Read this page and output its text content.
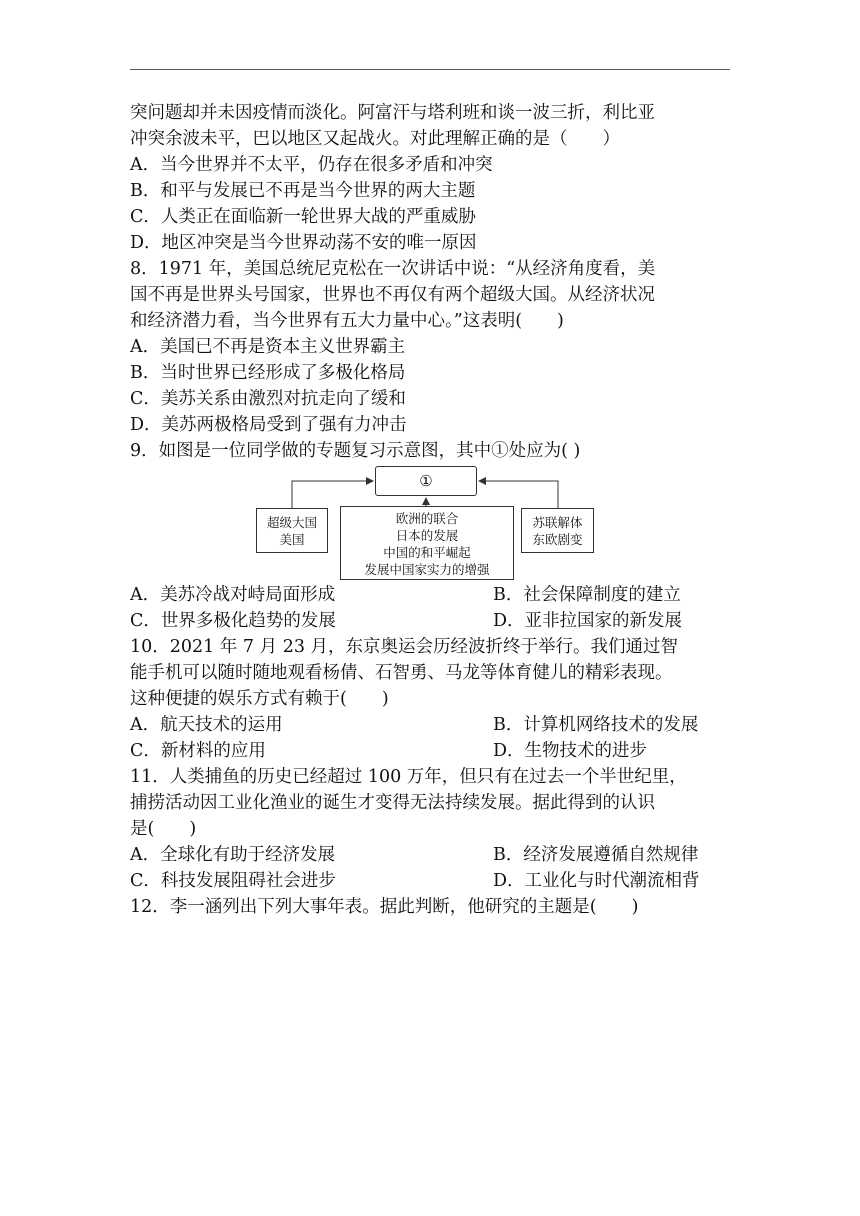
突问题却并未因疫情而淡化。阿富汗与塔利班和谈一波三折，利比亚
冲突余波未平，巴以地区又起战火。对此理解正确的是（　　）
A．当今世界并不太平，仍存在很多矛盾和冲突
B．和平与发展已不再是当今世界的两大主题
C．人类正在面临新一轮世界大战的严重威胁
D．地区冲突是当今世界动荡不安的唯一原因
8．1971 年，美国总统尼克松在一次讲话中说：“从经济角度看，美
国不再是世界头号国家，世界也不再仅有两个超级大国。从经济状况
和经济潜力看，当今世界有五大力量中心。”这表明(　　)
A．美国已不再是资本主义世界霸主
B．当时世界已经形成了多极化格局
C．美苏关系由激烈对抗走向了缓和
D．美苏两极格局受到了强有力冲击
9．如图是一位同学做的专题复习示意图，其中①处应为( )
①
超级大国
美国
欧洲的联合
日本的发展
中国的和平崛起
发展中国家实力的增强
苏联解体
东欧剧变
A．美苏冷战对峙局面形成	B．社会保障制度的建立
C．世界多极化趋势的发展	D．亚非拉国家的新发展
10．2021 年 7 月 23 月，东京奥运会历经波折终于举行。我们通过智
能手机可以随时随地观看杨倩、石智勇、马龙等体育健儿的精彩表现。
这种便捷的娱乐方式有赖于(　　)
A．航天技术的运用	B．计算机网络技术的发展
C．新材料的应用	D．生物技术的进步
11．人类捕鱼的历史已经超过 100 万年，但只有在过去一个半世纪里，
捕捞活动因工业化渔业的诞生才变得无法持续发展。据此得到的认识
是(　　)
A．全球化有助于经济发展	B．经济发展遵循自然规律
C．科技发展阻碍社会进步	D．工业化与时代潮流相背
12．李一涵列出下列大事年表。据此判断，他研究的主题是(　　)
